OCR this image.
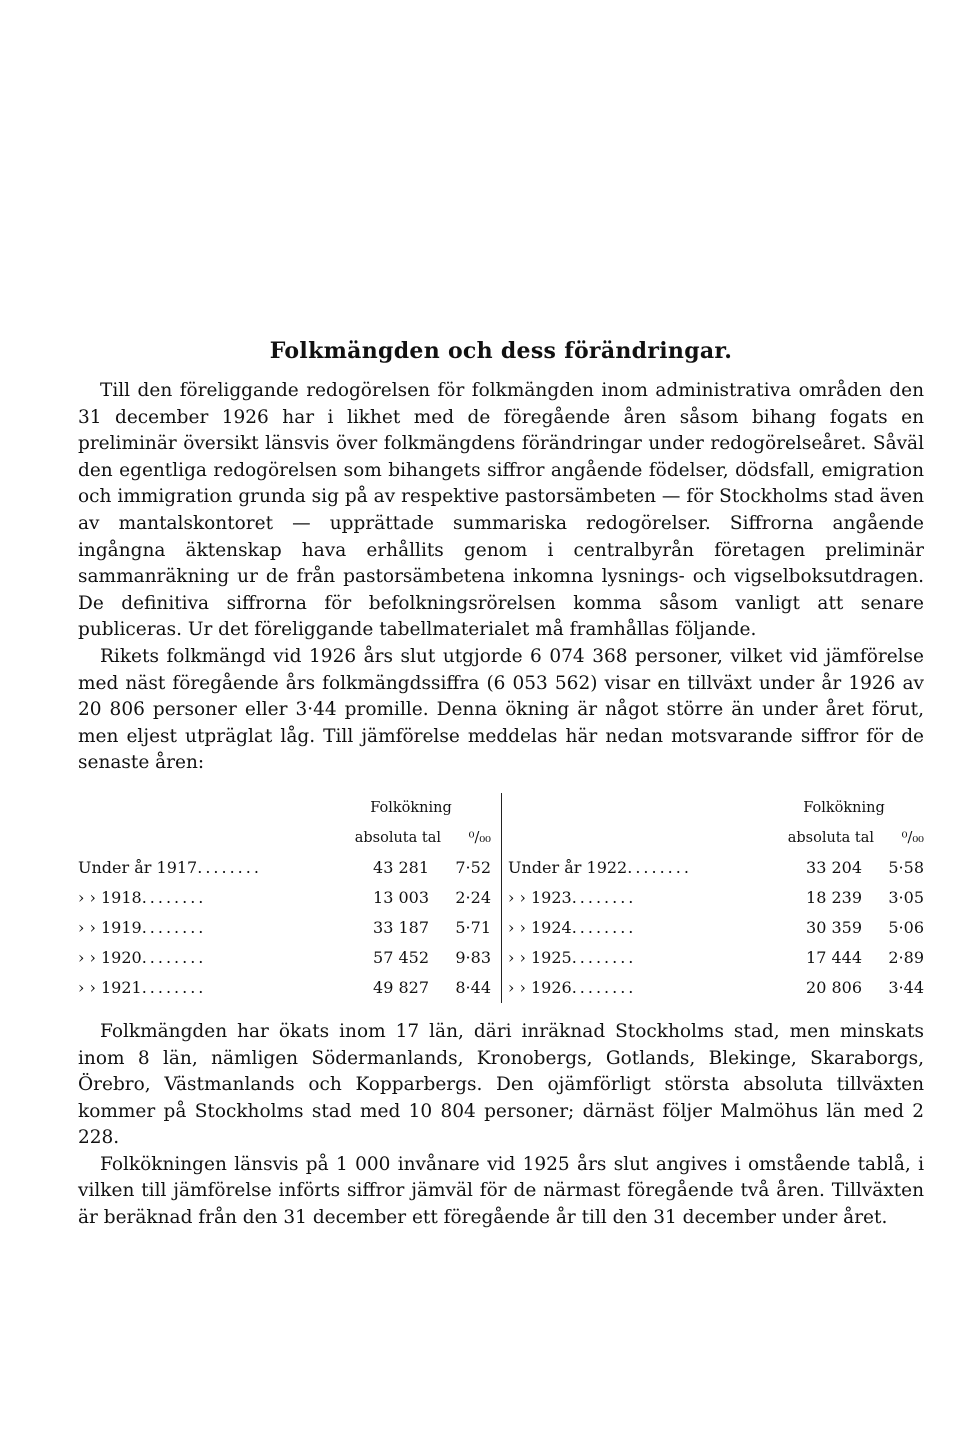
Folkmängden och dess förändringar.

Till den föreliggande redogörelsen för folkmängden inom administrativa områden den 31 december 1926 har i likhet med de föregående åren såsom bihang fogats en preliminär översikt länsvis över folkmängdens förändringar under redogörelseåret. Såväl den egentliga redogörelsen som bihangets siffror angående födelser, dödsfall, emigration och immigration grunda sig på av respektive pastorsämbeten — för Stockholms stad även av mantalskontoret — upprättade summariska redogörelser. Siffrorna angående ingångna äktenskap hava erhållits genom i centralbyrån företagen preliminär sammanräkning ur de från pastorsämbetena inkomna lysnings- och vigselboksutdragen. De definitiva siffrorna för befolkningsrörelsen komma såsom vanligt att senare publiceras. Ur det föreliggande tabellmaterialet må framhållas följande.

Rikets folkmängd vid 1926 års slut utgjorde 6 074 368 personer, vilket vid jämförelse med näst föregående års folkmängdssiffra (6 053 562) visar en tillväxt under år 1926 av 20 806 personer eller 3·44 promille. Denna ökning är något större än under året förut, men eljest utpräglat låg. Till jämförelse meddelas här nedan motsvarande siffror för de senaste åren:

Folkökning
absoluta tal	⁰/₀₀
Under år 1917........	43 281	7·52
› › 1918........	13 003	2·24
› › 1919........	33 187	5·71
› › 1920........	57 452	9·83
› › 1921........	49 827	8·44
Folkökning
absoluta tal	⁰/₀₀
Under år 1922........	33 204	5·58
› › 1923........	18 239	3·05
› › 1924........	30 359	5·06
› › 1925........	17 444	2·89
› › 1926........	20 806	3·44

Folkmängden har ökats inom 17 län, däri inräknad Stockholms stad, men minskats inom 8 län, nämligen Södermanlands, Kronobergs, Gotlands, Blekinge, Skaraborgs, Örebro, Västmanlands och Kopparbergs. Den ojämförligt största absoluta tillväxten kommer på Stockholms stad med 10 804 personer; därnäst följer Malmöhus län med 2 228.

Folkökningen länsvis på 1 000 invånare vid 1925 års slut angives i omstående tablå, i vilken till jämförelse införts siffror jämväl för de närmast föregående två åren. Tillväxten är beräknad från den 31 december ett föregående år till den 31 december under året.
